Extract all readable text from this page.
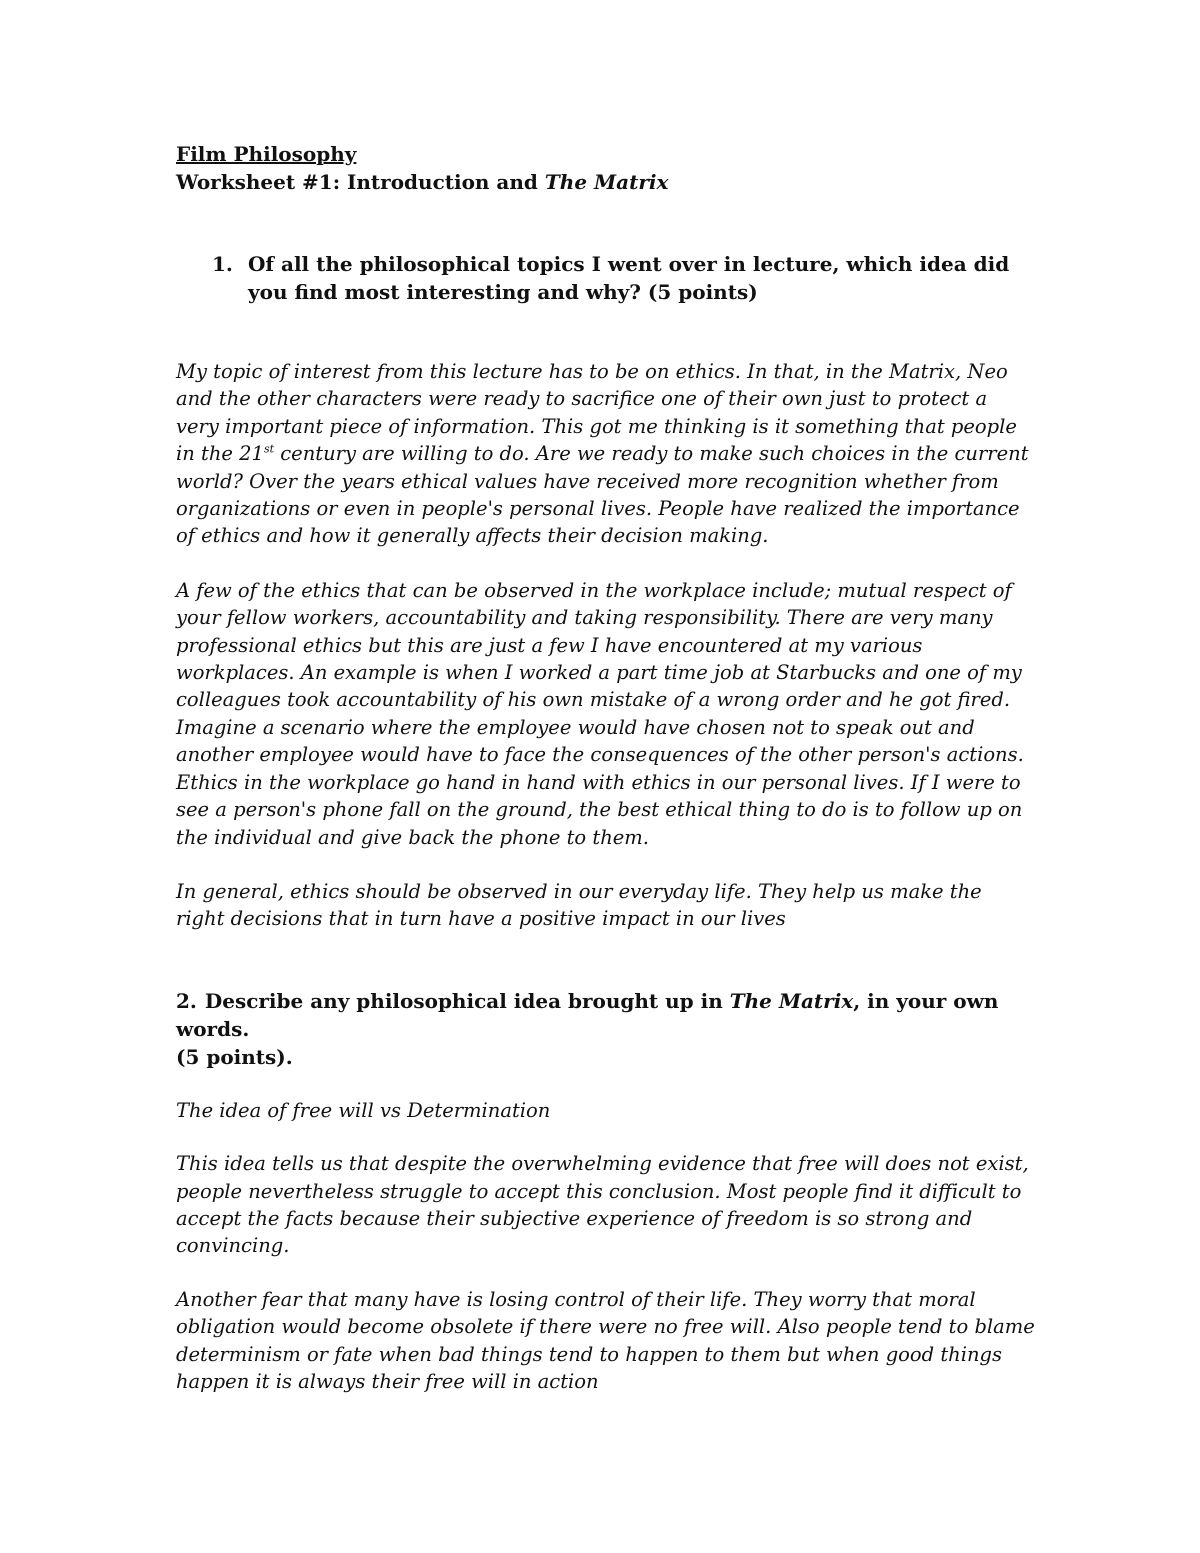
Film Philosophy

Worksheet #1: Introduction and The Matrix

1. Of all the philosophical topics I went over in lecture, which idea did you find most interesting and why? (5 points)

My topic of interest from this lecture has to be on ethics. In that, in the Matrix, Neo and the other characters were ready to sacrifice one of their own just to protect a very important piece of information. This got me thinking is it something that people in the 21st century are willing to do. Are we ready to make such choices in the current world? Over the years ethical values have received more recognition whether from organizations or even in people's personal lives. People have realized the importance of ethics and how it generally affects their decision making.

A few of the ethics that can be observed in the workplace include; mutual respect of your fellow workers, accountability and taking responsibility. There are very many professional ethics but this are just a few I have encountered at my various workplaces. An example is when I worked a part time job at Starbucks and one of my colleagues took accountability of his own mistake of a wrong order and he got fired. Imagine a scenario where the employee would have chosen not to speak out and another employee would have to face the consequences of the other person's actions. Ethics in the workplace go hand in hand with ethics in our personal lives. If I were to see a person's phone fall on the ground, the best ethical thing to do is to follow up on the individual and give back the phone to them.

In general, ethics should be observed in our everyday life. They help us make the right decisions that in turn have a positive impact in our lives

2. Describe any philosophical idea brought up in The Matrix, in your own words.
(5 points).

The idea of free will vs Determination

This idea tells us that despite the overwhelming evidence that free will does not exist, people nevertheless struggle to accept this conclusion. Most people find it difficult to accept the facts because their subjective experience of freedom is so strong and convincing.

Another fear that many have is losing control of their life. They worry that moral obligation would become obsolete if there were no free will. Also people tend to blame determinism or fate when bad things tend to happen to them but when good things happen it is always their free will in action
